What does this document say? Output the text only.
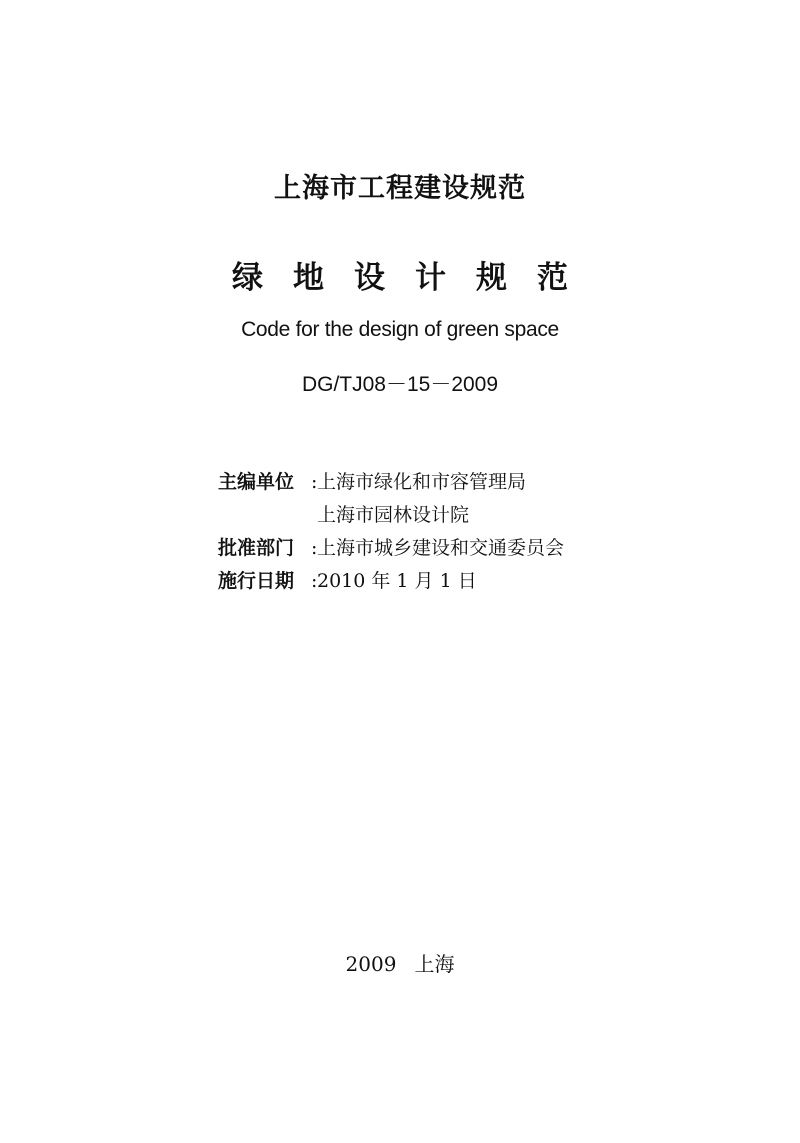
上海市工程建设规范
绿地设计规范
Code for the design of green space
DG/TJ08－15－2009
主编单位 : 上海市绿化和市容管理局
上海市园林设计院
批准部门 : 上海市城乡建设和交通委员会
施行日期 : 2010 年 1 月 1 日
2009 上海
